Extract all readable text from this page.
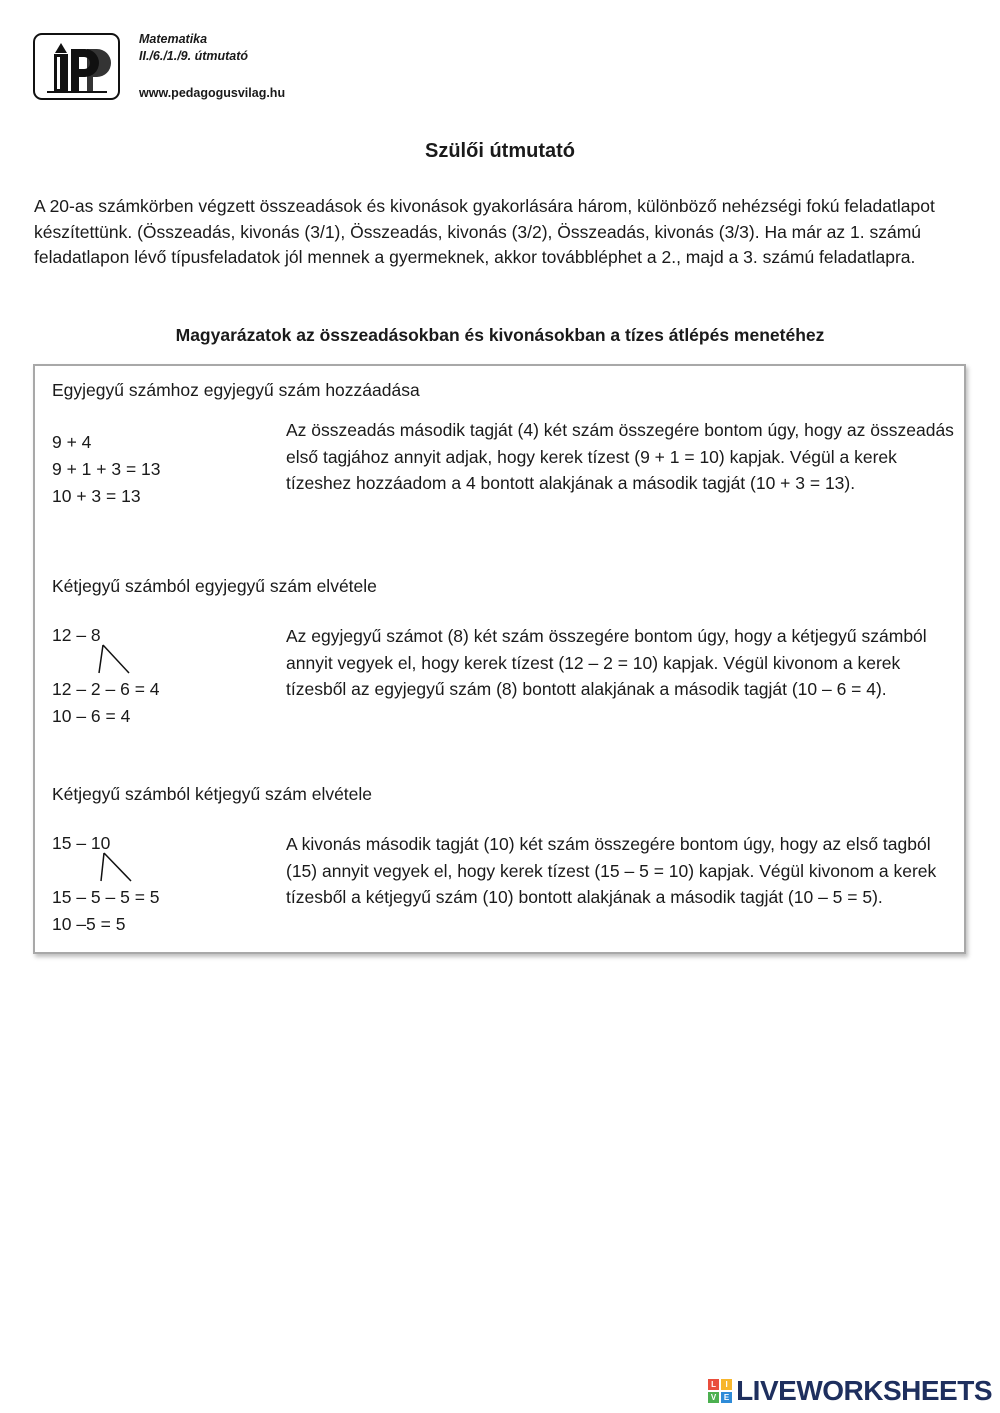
Matematika
II./6./1./9. útmutató
www.pedagogusvilag.hu
Szülői útmutató
A 20-as számkörben végzett összeadások és kivonások gyakorlására három, különböző nehézségi fokú feladatlapot készítettünk. (Összeadás, kivonás (3/1), Összeadás, kivonás (3/2), Összeadás, kivonás (3/3). Ha már az 1. számú feladatlapon lévő típusfeladatok jól mennek a gyermeknek, akkor továbbléphet a 2., majd a 3. számú feladatlapra.
Magyarázatok az összeadásokban és kivonásokban a tízes átlépés menetéhez
Egyjegyű számhoz egyjegyű szám hozzáadása
9 + 4
9 + 1 + 3 = 13
10 + 3 = 13
Az összeadás második tagját (4) két szám összegére bontom úgy, hogy az összeadás első tagjához annyit adjak, hogy kerek tízest (9 + 1 = 10) kapjak. Végül a kerek tízeshez hozzáadom a 4 bontott alakjának a második tagját (10 + 3 = 13).
Kétjegyű számból egyjegyű szám elvétele
12 – 8
12 – 2 – 6 = 4
10 – 6 = 4
Az egyjegyű számot (8) két szám összegére bontom úgy, hogy a kétjegyű számból annyit vegyek el, hogy kerek tízest (12 – 2 = 10) kapjak. Végül kivonom a kerek tízesből az egyjegyű szám (8) bontott alakjának a második tagját (10 – 6 = 4).
Kétjegyű számból kétjegyű szám elvétele
15 – 10
15 – 5 – 5 = 5
10 –5 = 5
A kivonás második tagját (10) két szám összegére bontom úgy, hogy az első tagból (15) annyit vegyek el, hogy kerek tízest (15 – 5 = 10) kapjak. Végül kivonom a kerek tízesből a kétjegyű szám (10) bontott alakjának a második tagját (10 – 5 = 5).
L	I
V E LIVEWORKSHEETS
